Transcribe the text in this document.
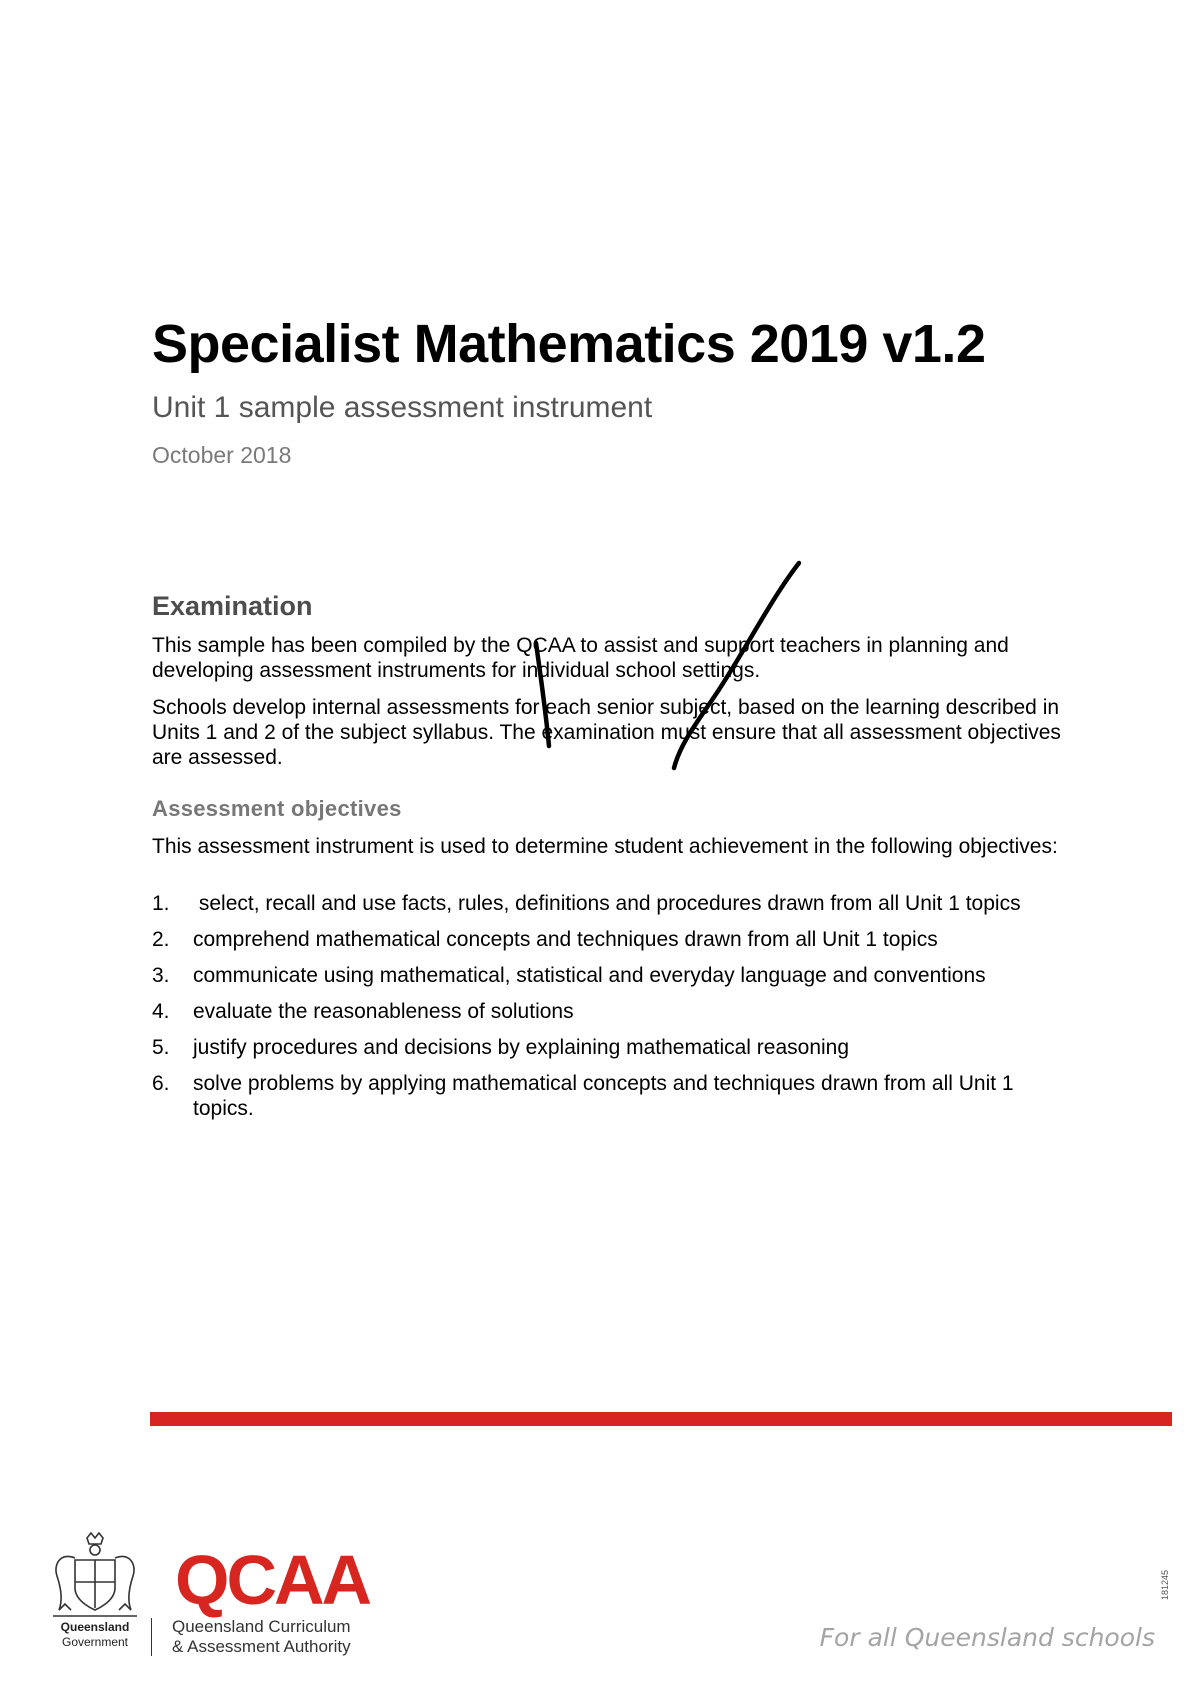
Specialist Mathematics 2019 v1.2

Unit 1 sample assessment instrument

October 2018

Examination

This sample has been compiled by the QCAA to assist and support teachers in planning and developing assessment instruments for individual school settings.

Schools develop internal assessments for each senior subject, based on the learning described in Units 1 and 2 of the subject syllabus. The examination must ensure that all assessment objectives are assessed.

Assessment objectives

This assessment instrument is used to determine student achievement in the following objectives:

1.	select, recall and use facts, rules, definitions and procedures drawn from all Unit 1 topics
2.	comprehend mathematical concepts and techniques drawn from all Unit 1 topics
3.	communicate using mathematical, statistical and everyday language and conventions
4.	evaluate the reasonableness of solutions
5.	justify procedures and decisions by explaining mathematical reasoning
6.	solve problems by applying mathematical concepts and techniques drawn from all Unit 1 topics.
Queensland
Government
QCAA
Queensland Curriculum
& Assessment Authority	For all Queensland schools
181245
